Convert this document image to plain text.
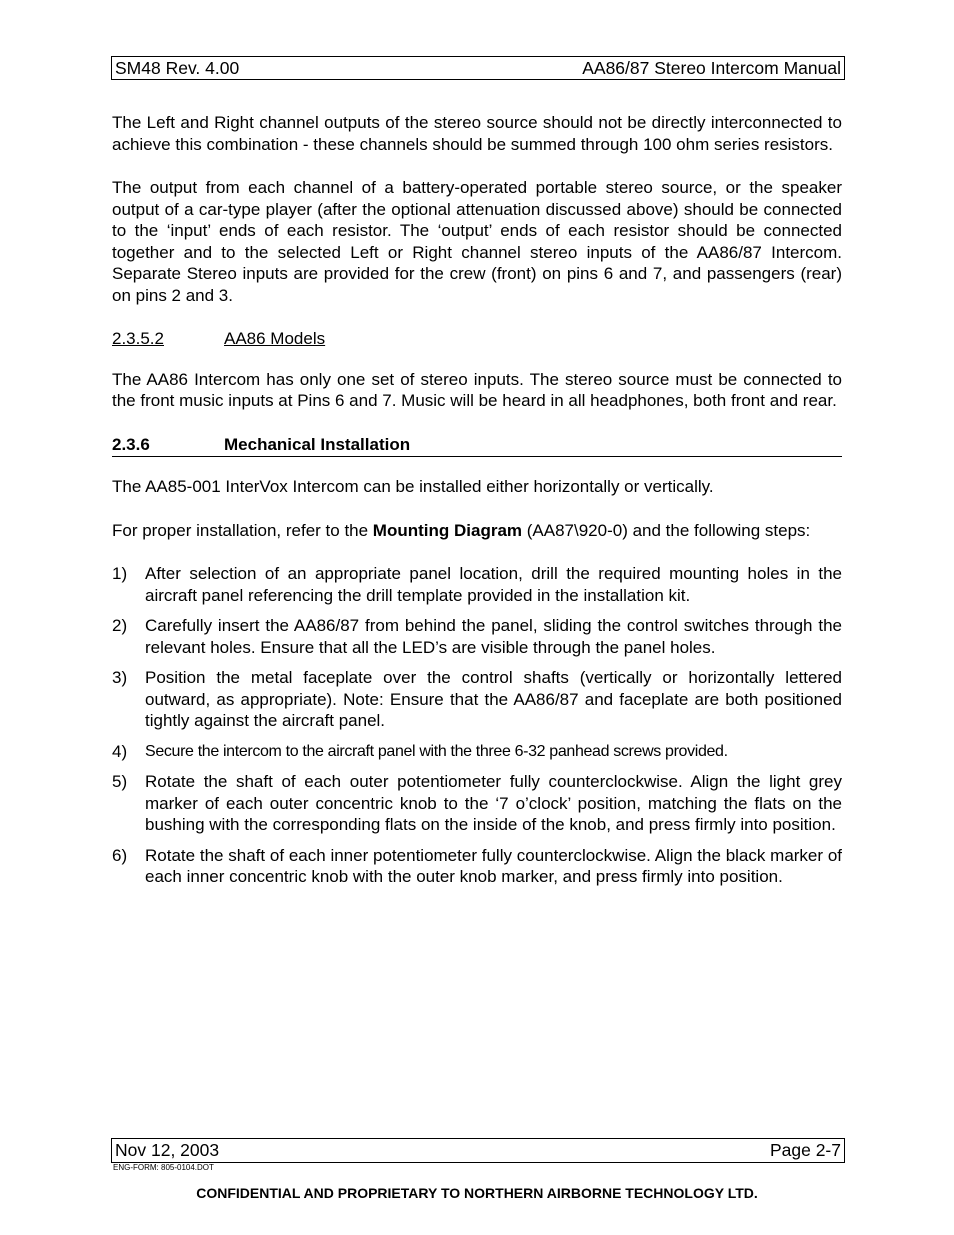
SM48 Rev. 4.00	AA86/87 Stereo Intercom Manual

The Left and Right channel outputs of the stereo source should not be directly interconnected to achieve this combination - these channels should be summed through 100 ohm series resistors.

The output from each channel of a battery-operated portable stereo source, or the speaker output of a car-type player (after the optional attenuation discussed above) should be connected to the ‘input’ ends of each resistor. The ‘output’ ends of each resistor should be connected together and to the selected Left or Right channel stereo inputs of the AA86/87 Intercom. Separate Stereo inputs are provided for the crew (front) on pins 6 and 7, and passengers (rear) on pins 2 and 3.

2.3.5.2	AA86 Models

The AA86 Intercom has only one set of stereo inputs. The stereo source must be connected to the front music inputs at Pins 6 and 7. Music will be heard in all headphones, both front and rear.

2.3.6	Mechanical Installation

The AA85-001 InterVox Intercom can be installed either horizontally or vertically.

For proper installation, refer to the Mounting Diagram (AA87\920-0) and the following steps:

1)	After selection of an appropriate panel location, drill the required mounting holes in the aircraft panel referencing the drill template provided in the installation kit.
2)	Carefully insert the AA86/87 from behind the panel, sliding the control switches through the relevant holes. Ensure that all the LED’s are visible through the panel holes.
3)	Position the metal faceplate over the control shafts (vertically or horizontally lettered outward, as appropriate). Note: Ensure that the AA86/87 and faceplate are both positioned tightly against the aircraft panel.
4)	Secure the intercom to the aircraft panel with the three 6-32 panhead screws provided.
5)	Rotate the shaft of each outer potentiometer fully counterclockwise. Align the light grey marker of each outer concentric knob to the ‘7 o’clock’ position, matching the flats on the bushing with the corresponding flats on the inside of the knob, and press firmly into position.
6)	Rotate the shaft of each inner potentiometer fully counterclockwise. Align the black marker of each inner concentric knob with the outer knob marker, and press firmly into position.
Nov 12, 2003	Page 2-7
ENG-FORM: 805-0104.DOT
CONFIDENTIAL AND PROPRIETARY TO NORTHERN AIRBORNE TECHNOLOGY LTD.
